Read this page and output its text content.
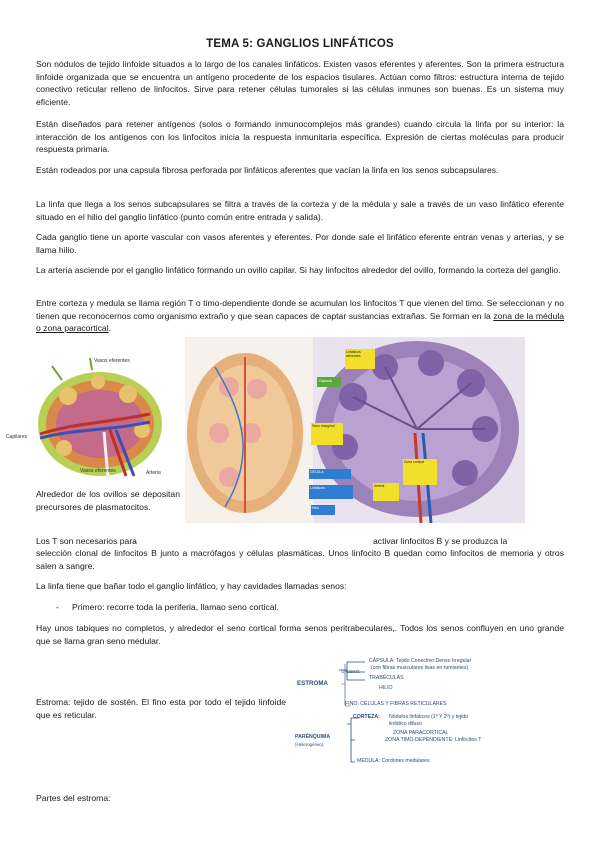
TEMA 5: GANGLIOS LINFÁTICOS
Son nódulos de tejido linfoide situados a lo largo de los canales linfáticos. Existen vasos eferentes y aferentes. Son la primera estructura linfoide organizada que se encuentra un antígeno procedente de los espacios tisulares. Actúan como filtros: estructura interna de tejido conectivo reticular relleno de linfocitos. Sirve para retener células tumorales si las células inmunes son buenas. Es un sistema muy eficiente.
Están diseñados para retener antígenos (solos o formando inmunocomplejos más grandes) cuando circula la linfa por su interior: la interacción de los antígenos con los linfocitos inicia la respuesta inmunitaria específica. Expresión de ciertas moléculas para producir respuesta primaria.
Están rodeados por una capsula fibrosa perforada por linfáticos aferentes que vacían la linfa en los senos subcapsulares.
La linfa que llega a los senos subcapsulares se filtra a través de la corteza y de la médula y sale a través de un vaso linfático eferente situado en el hilio del ganglio linfático (punto común entre entrada y salida).
Cada ganglio tiene un aporte vascular con vasos aferentes y eferentes. Por donde sale el linfático eferente entran venas y arterias, y se llama hilio.
La arteria asciende por el ganglio linfático formando un ovillo capilar. Si hay linfocitos alrededor del ovillo, formando la corteza del ganglio.
Entre corteza y medula se llama región T o timo-dependiente donde se acumulan los linfocitos T que vienen del timo. Se seleccionan y no tienen que reconocernos como organismo extraño y que sean capaces de captar sustancias extrañas. Se forman en la zona de la médula o zona paracortical.
Vasos eferentes
Capilares
Vasos eferentes	Arteria
Linfáticos aferentes
Cápsula
Seno marginal
Zona cortical
CÉLULA
Linfáticos
Hilio
Arteria
Alrededor de los ovillos se depositan precursores de plasmatocitos.
Los T son necesarios para	activar linfocitos B y se produzca la
selección clonal de linfocitos B junto a macrófagos y células plasmáticas. Unos linfocito B quedan como linfocitos de memoria y otros salen a sangre.
La linfa tiene que bañar todo el ganglio linfático, y hay cavidades llamadas senos:
-	Primero: recorre toda la periferia, llamao seno cortical.
Hay unos tabiques no completos, y alrededor el seno cortical forma senos peritrabeculares,. Todos los senos confluyen en uno grande que se llama gran seno medular.
Estroma: tejido de sostén. El fino esta por todo el tejido linfoide que es reticular.
ESTROMA
GRUESO:
CÁPSULA: Tejido Conectivo Denso Irregular
(con fibras musculares lisas en rumiantes)
TRABÉCULAS
HILIO
FINO: CÉLULAS Y FIBRAS RETICULARES
CORTEZA: Nódulos linfáticos (1º Y 2º) y tejido
linfático difuso
ZONA PARACORTICAL
ZONA TIMO-DEPENDIENTE: Linfocitos T
PARÉNQUIMA
(Heterogéneo)
MÉDULA: Cordones medulares
Partes del estroma:
